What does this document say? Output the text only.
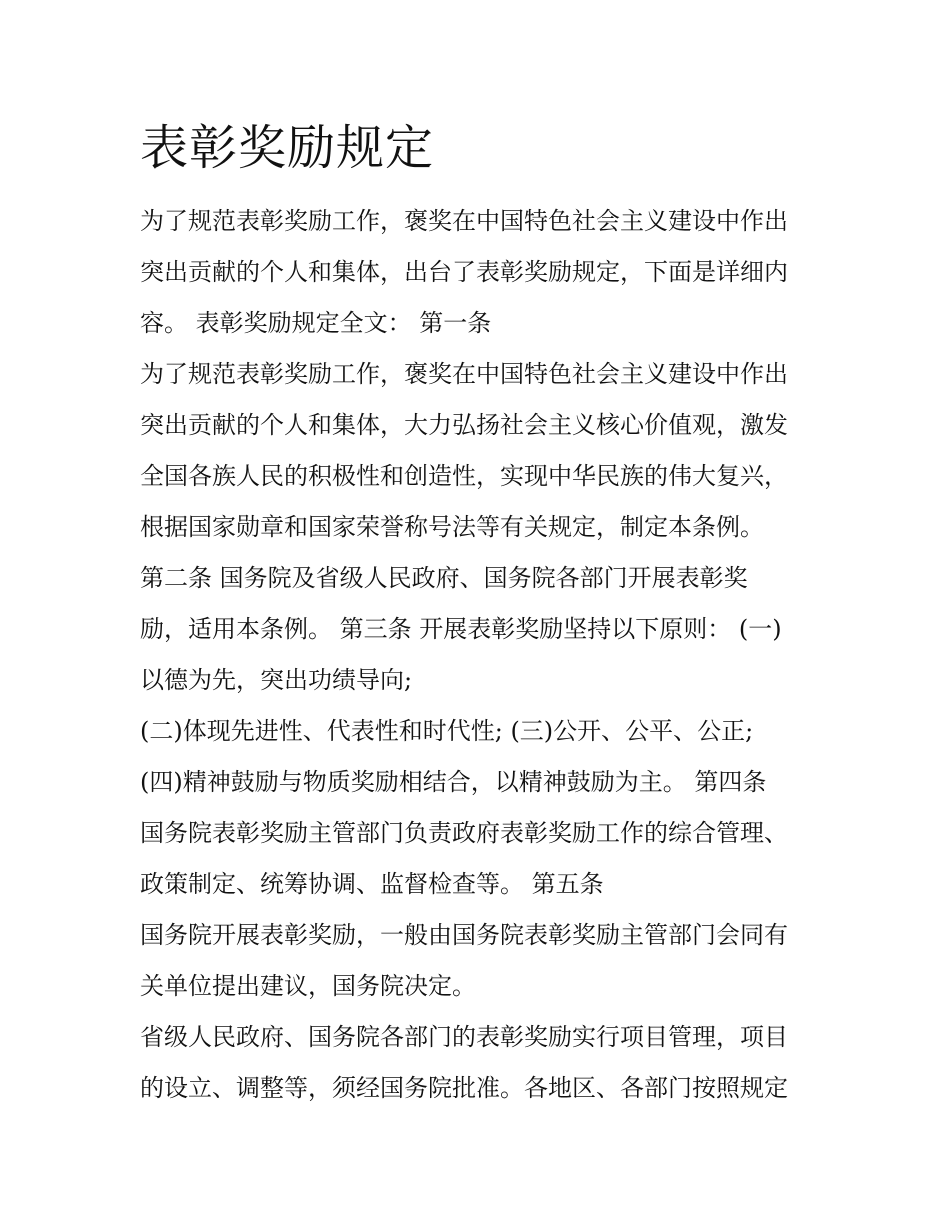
表彰奖励规定

为了规范表彰奖励工作，褒奖在中国特色社会主义建设中作出

突出贡献的个人和集体，出台了表彰奖励规定，下面是详细内

容。 表彰奖励规定全文： 第一条

为了规范表彰奖励工作，褒奖在中国特色社会主义建设中作出

突出贡献的个人和集体，大力弘扬社会主义核心价值观，激发

全国各族人民的积极性和创造性，实现中华民族的伟大复兴，

根据国家勋章和国家荣誉称号法等有关规定，制定本条例。

第二条 国务院及省级人民政府、国务院各部门开展表彰奖

励，适用本条例。 第三条 开展表彰奖励坚持以下原则： (一)

以德为先，突出功绩导向;

(二)体现先进性、代表性和时代性; (三)公开、公平、公正;

(四)精神鼓励与物质奖励相结合，以精神鼓励为主。 第四条

国务院表彰奖励主管部门负责政府表彰奖励工作的综合管理、

政策制定、统筹协调、监督检查等。 第五条

国务院开展表彰奖励，一般由国务院表彰奖励主管部门会同有

关单位提出建议，国务院决定。

省级人民政府、国务院各部门的表彰奖励实行项目管理，项目

的设立、调整等，须经国务院批准。各地区、各部门按照规定
